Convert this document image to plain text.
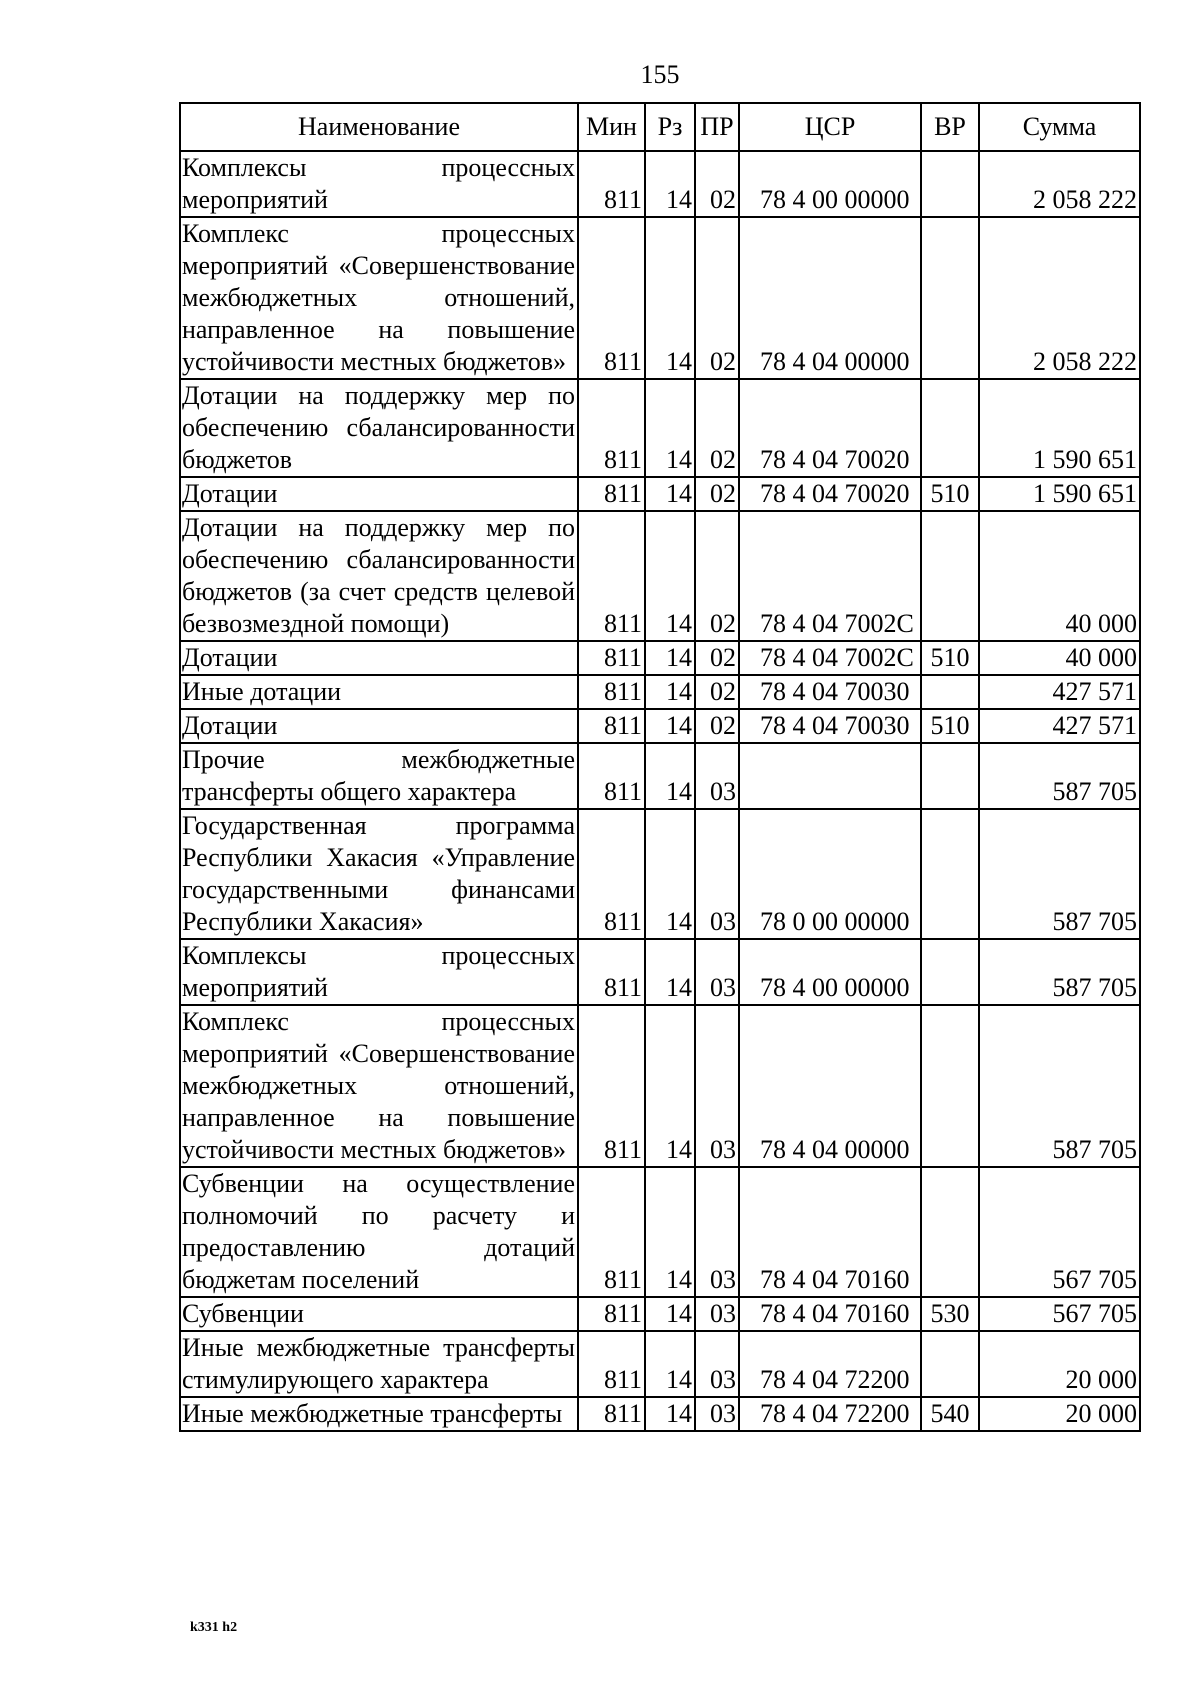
155
Наименование	Мин	Рз	ПР	ЦСР	ВР	Сумма
Комплексы процессных мероприятий	811	14	02	78 4 00 00000		2 058 222
Комплекс процессных мероприятий «Совершенствование межбюджетных отношений, направленное на повышение устойчивости местных бюджетов»	811	14	02	78 4 04 00000		2 058 222
Дотации на поддержку мер по обеспечению сбалансированности бюджетов	811	14	02	78 4 04 70020		1 590 651
Дотации	811	14	02	78 4 04 70020	510	1 590 651
Дотации на поддержку мер по обеспечению сбалансированности бюджетов (за счет средств целевой безвозмездной помощи)	811	14	02	78 4 04 7002С		40 000
Дотации	811	14	02	78 4 04 7002С	510	40 000
Иные дотации	811	14	02	78 4 04 70030		427 571
Дотации	811	14	02	78 4 04 70030	510	427 571
Прочие межбюджетные трансферты общего характера	811	14	03			587 705
Государственная программа Республики Хакасия «Управление государственными финансами Республики Хакасия»	811	14	03	78 0 00 00000		587 705
Комплексы процессных мероприятий	811	14	03	78 4 00 00000		587 705
Комплекс процессных мероприятий «Совершенствование межбюджетных отношений, направленное на повышение устойчивости местных бюджетов»	811	14	03	78 4 04 00000		587 705
Субвенции на осуществление полномочий по расчету и предоставлению дотаций бюджетам поселений	811	14	03	78 4 04 70160		567 705
Субвенции	811	14	03	78 4 04 70160	530	567 705
Иные межбюджетные трансферты стимулирующего характера	811	14	03	78 4 04 72200		20 000
Иные межбюджетные трансферты	811	14	03	78 4 04 72200	540	20 000
k331 h2
